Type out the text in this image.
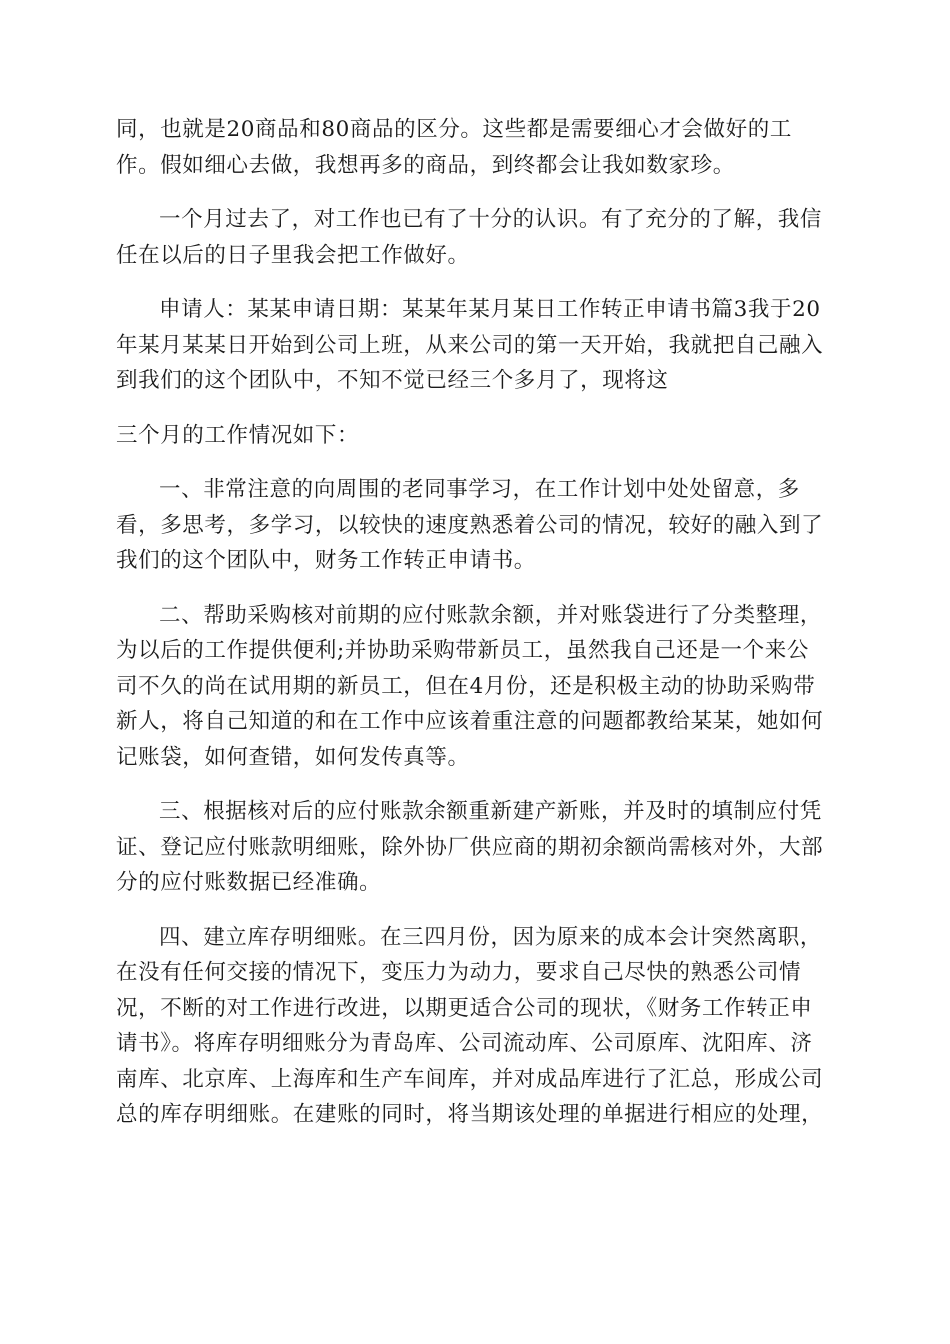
同，也就是20商品和80商品的区分。这些都是需要细心才会做好的工
作。假如细心去做，我想再多的商品，到终都会让我如数家珍。

一个月过去了，对工作也已有了十分的认识。有了充分的了解，我信
任在以后的日子里我会把工作做好。

申请人：某某申请日期：某某年某月某日工作转正申请书篇3我于20
年某月某某日开始到公司上班，从来公司的第一天开始，我就把自己融入
到我们的这个团队中，不知不觉已经三个多月了，现将这

三个月的工作情况如下：

一、非常注意的向周围的老同事学习，在工作计划中处处留意，多
看，多思考，多学习，以较快的速度熟悉着公司的情况，较好的融入到了
我们的这个团队中，财务工作转正申请书。

二、帮助采购核对前期的应付账款余额，并对账袋进行了分类整理，
为以后的工作提供便利;并协助采购带新员工，虽然我自己还是一个来公
司不久的尚在试用期的新员工，但在4月份，还是积极主动的协助采购带
新人，将自己知道的和在工作中应该着重注意的问题都教给某某，她如何
记账袋，如何查错，如何发传真等。

三、根据核对后的应付账款余额重新建产新账，并及时的填制应付凭
证、登记应付账款明细账，除外协厂供应商的期初余额尚需核对外，大部
分的应付账数据已经准确。

四、建立库存明细账。在三四月份，因为原来的成本会计突然离职，
在没有任何交接的情况下，变压力为动力，要求自己尽快的熟悉公司情
况，不断的对工作进行改进，以期更适合公司的现状，《财务工作转正申
请书》。将库存明细账分为青岛库、公司流动库、公司原库、沈阳库、济
南库、北京库、上海库和生产车间库，并对成品库进行了汇总，形成公司
总的库存明细账。在建账的同时，将当期该处理的单据进行相应的处理，
